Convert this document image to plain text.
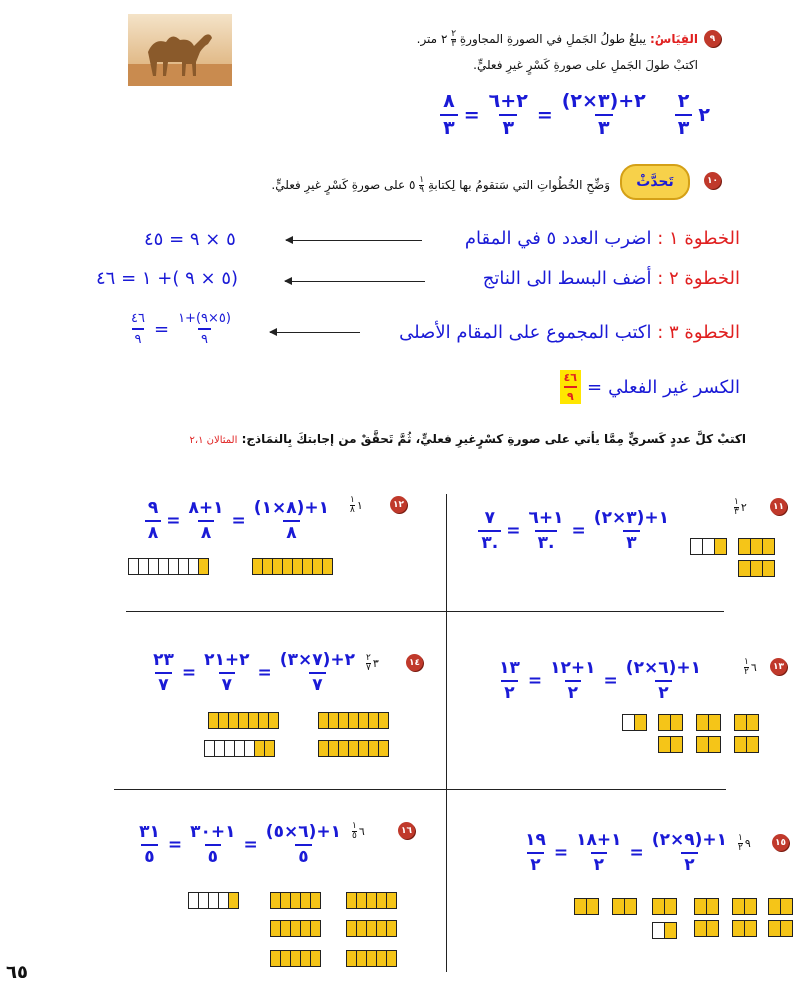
٩
القِيَاسُ: يبلغُ طولُ الجَملِ في الصورةِ المجاورةِ
٢
٣
٢ متر.
اكتبْ طولَ الجَملِ على صورةِ كَسْرٍ غيرِ فعليٍّ.
٢
$\frac{٢}{٣}$
$\frac{٢+(٣\times ٢)}{٣}$
=
$\frac{٢+٦}{٣}$
=
$\frac{٨}{٣}$
١٠
تَحدَّثْ
وَضِّحِ الخُطُواتِ التي سَتقومُ بها لِكتابةِ
١
٩
٥ على صورةِ كَسْرٍ غيرِ فعليٍّ.
الخطوة ١ : اضرب العدد ٥ في المقام
٥ × ٩ = ٤٥
الخطوة ٢ : أضف البسط الى الناتج
(٥ × ٩ )+ ١ = ٤٦
الخطوة ٣ : اكتب المجموع على المقام الأصلى
$\frac{(٥\times ٩)+١}{٩}$
=
$\frac{٤٦}{٩}$
الكسر غير الفعلي
=
$\frac{٤٦}{٩}$
اكتبْ كلَّ عددٍ كَسريٍّ مِمَّا يأتي على صورةِ كسْرٍغيرِ فعليٍّ، ثُمَّ تَحقَّقْ من إجابتكَ بِالنمَاذج: المثالان ٢،١
١١
٢
١
٣
$\frac{١+(٣\times ٢)}{٣}$
=
$\frac{١+٦}{.٣}$
=
$\frac{٧}{.٣}$
١٢
١
١
٨
$\frac{١+(٨\times ١)}{٨}$
=
$\frac{١+٨}{٨}$
=
$\frac{٩}{٨}$
١٣
٦
١
٢
$\frac{١+(٦\times ٢)}{٢}$
=
$\frac{١+١٢}{٢}$
=
$\frac{١٣}{٢}$
١٤
٣
٢
٧
$\frac{٢+(٧\times ٣)}{٧}$
=
$\frac{٢+٢١}{٧}$
=
$\frac{٢٣}{٧}$
١٥
٩
١
٢
$\frac{١+(٩\times ٢)}{٢}$
=
$\frac{١+١٨}{٢}$
=
$\frac{١٩}{٢}$
١٦
٦
١
٥
$\frac{١+(٦\times ٥)}{٥}$
=
$\frac{١+٣٠}{٥}$
=
$\frac{٣١}{٥}$
٦٥
